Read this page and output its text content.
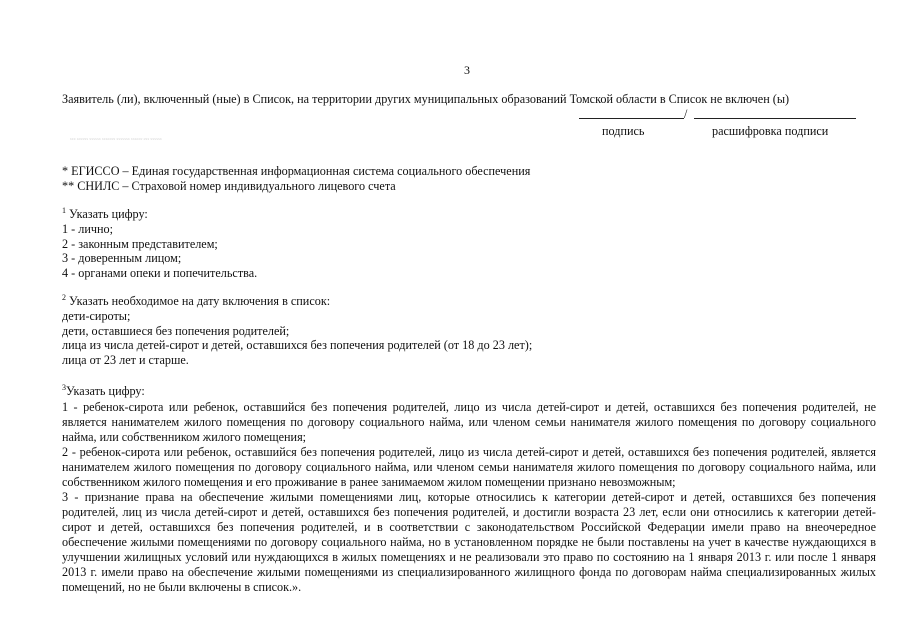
3
Заявитель (ли), включенный (ные) в Список, на территории других муниципальных образований Томской области в Список не включен (ы)
/
подпись	расшифровка подписи
~~~ ~~~~~~ ~~~~~~ ~~~~~~~ ~~~~~~~ ~~~~~~ ~~~ ~~~~~~
* ЕГИССО – Единая государственная информационная система социального обеспечения
** СНИЛС – Страховой номер индивидуального лицевого счета
$^1$ Указать цифру:
1 - лично;
2 - законным представителем;
3 - доверенным лицом;
4 - органами опеки и попечительства.
$^2$ Указать необходимое на дату включения в список:
дети-сироты;
дети, оставшиеся без попечения родителей;
лица из числа детей-сирот и детей, оставшихся без попечения родителей (от 18 до 23 лет);
лица от 23 лет и старше.
$^3$Указать цифру:
1 - ребенок-сирота или ребенок, оставшийся без попечения родителей, лицо из числа детей-сирот и детей, оставшихся без попечения родителей, не является нанимателем жилого помещения по договору социального найма, или членом семьи нанимателя жилого помещения по договору социального найма, или собственником жилого помещения;
2 - ребенок-сирота или ребенок, оставшийся без попечения родителей, лицо из числа детей-сирот и детей, оставшихся без попечения родителей, является нанимателем жилого помещения по договору социального найма, или членом семьи нанимателя жилого помещения по договору социального найма, или собственником жилого помещения и его проживание в ранее занимаемом жилом помещении признано невозможным;
3 - признание права на обеспечение жилыми помещениями лиц, которые относились к категории детей-сирот и детей, оставшихся без попечения родителей, лиц из числа детей-сирот и детей, оставшихся без попечения родителей, и достигли возраста 23 лет, если они относились к категории детей-сирот и детей, оставшихся без попечения родителей, и в соответствии с законодательством Российской Федерации имели право на внеочередное обеспечение жилыми помещениями по договору социального найма, но в установленном порядке не были поставлены на учет в качестве нуждающихся в улучшении жилищных условий или нуждающихся в жилых помещениях и не реализовали это право по состоянию на 1 января 2013 г. или после 1 января 2013 г. имели право на обеспечение жилыми помещениями из специализированного жилищного фонда по договорам найма специализированных жилых помещений, но не были включены в список.».
